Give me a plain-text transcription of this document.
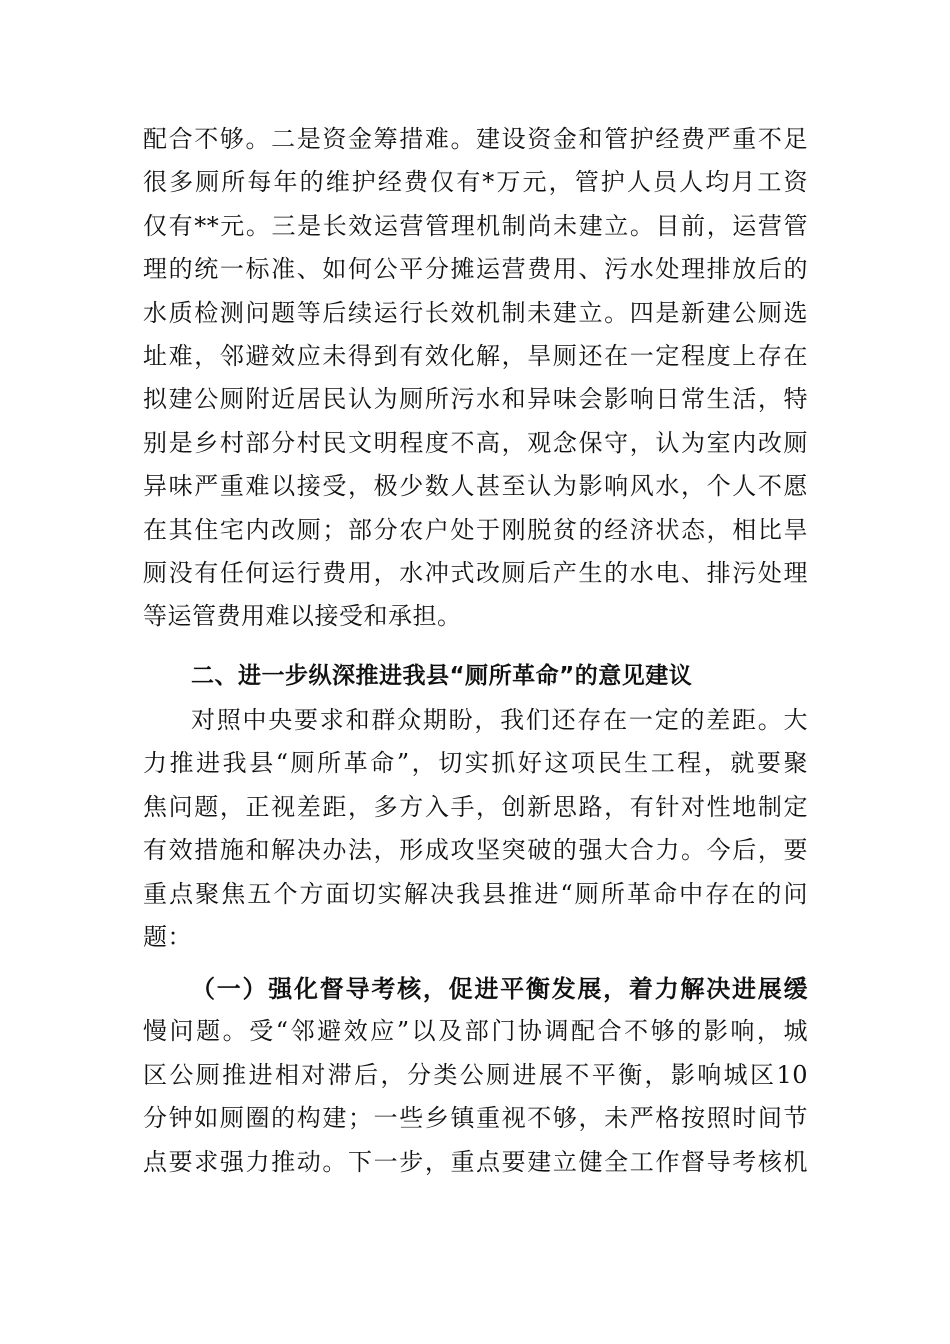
配合不够。二是资金筹措难。建设资金和管护经费严重不足
很多厕所每年的维护经费仅有*万元，管护人员人均月工资
仅有**元。三是长效运营管理机制尚未建立。目前，运营管
理的统一标准、如何公平分摊运营费用、污水处理排放后的
水质检测问题等后续运行长效机制未建立。四是新建公厕选
址难，邻避效应未得到有效化解，旱厕还在一定程度上存在
拟建公厕附近居民认为厕所污水和异味会影响日常生活，特
别是乡村部分村民文明程度不高，观念保守，认为室内改厕
异味严重难以接受，极少数人甚至认为影响风水，个人不愿
在其住宅内改厕；部分农户处于刚脱贫的经济状态，相比旱
厕没有任何运行费用，水冲式改厕后产生的水电、排污处理
等运管费用难以接受和承担。
二、进一步纵深推进我县“厕所革命”的意见建议
对照中央要求和群众期盼，我们还存在一定的差距。大
力推进我县“厕所革命”，切实抓好这项民生工程，就要聚
焦问题，正视差距，多方入手，创新思路，有针对性地制定
有效措施和解决办法，形成攻坚突破的强大合力。今后，要
重点聚焦五个方面切实解决我县推进“厕所革命中存在的问
题：
（一）强化督导考核，促进平衡发展，着力解决进展缓
慢问题。受“邻避效应”以及部门协调配合不够的影响，城
区公厕推进相对滞后，分类公厕进展不平衡，影响城区10
分钟如厕圈的构建；一些乡镇重视不够，未严格按照时间节
点要求强力推动。下一步，重点要建立健全工作督导考核机
